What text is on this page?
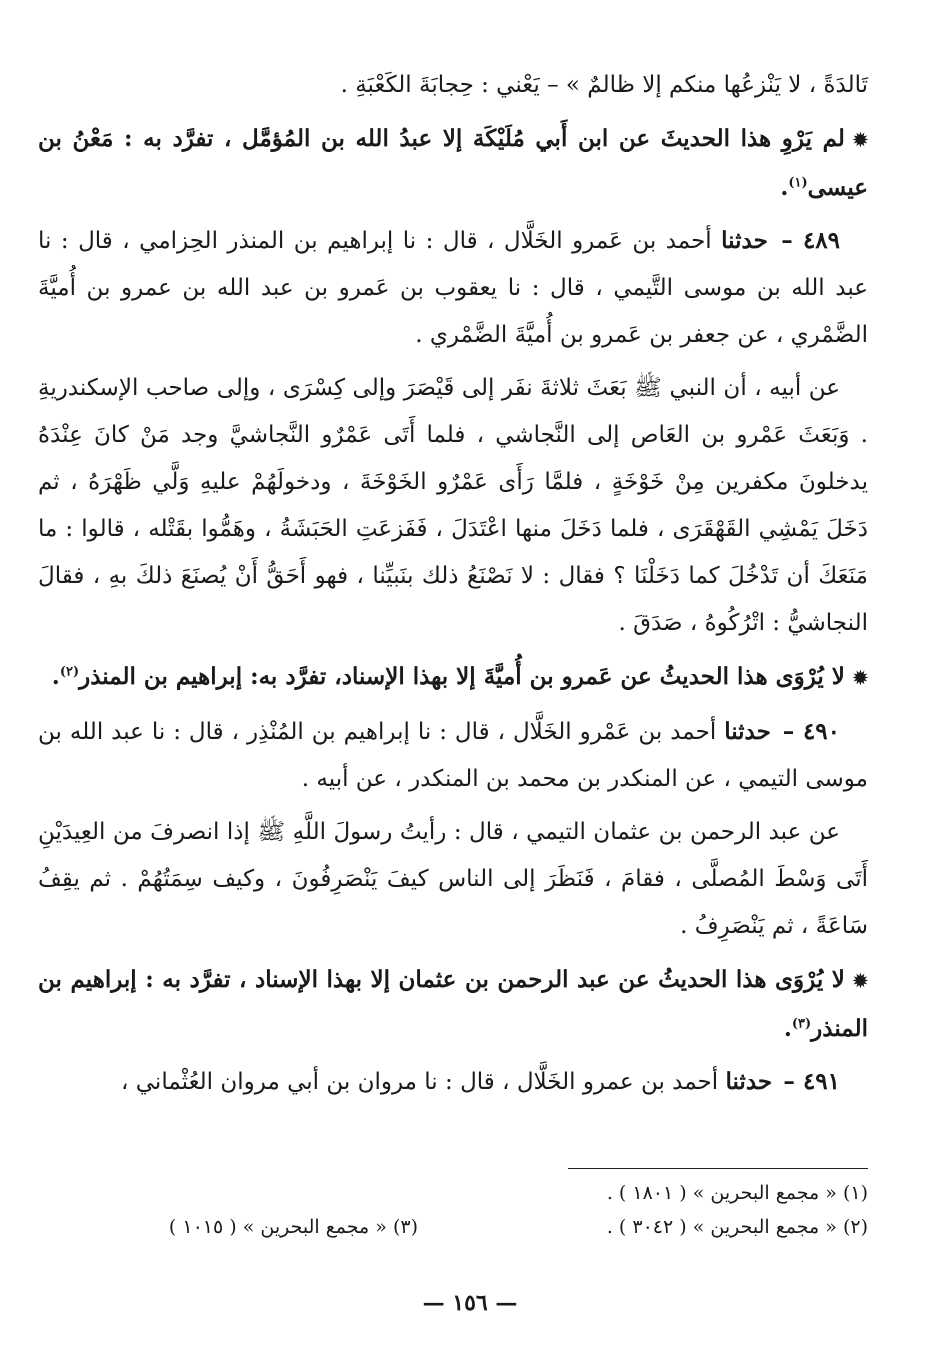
تَالدَةً ، لا يَنْزعُها منكم إلا ظالمٌ » – يَعْني : حِجابَةَ الكَعْبَةِ .

✹لم يَرْوِ هذا الحديثَ عن ابن أَبي مُلَيْكَة إلا عبدُ الله بن المُؤمَّل ، تفرَّد به : مَعْنُ بن عيسى$^{(١)}$.

٤٨٩ – حدثنا أحمد بن عَمرو الخَلَّال ، قال : نا إبراهيم بن المنذر الحِزامي ، قال : نا عبد الله بن موسى التَّيمي ، قال : نا يعقوب بن عَمرو بن عبد الله بن عمرو بن أُميَّةَ الضَّمْري ، عن جعفر بن عَمرو بن أُميَّةَ الضَّمْري .

عن أبيه ، أن النبي ﷺ بَعَثَ ثلاثةَ نفَر إلى قَيْصَرَ وإلى كِسْرَى ، وإلى صاحب الإسكندريةِ . وَبَعَثَ عَمْرو بن العَاص إلى النَّجاشي ، فلما أَتَى عَمْرٌو النَّجاشيَّ وجد مَنْ كانَ عِنْدَهُ يدخلونَ مكفرين مِنْ خَوْخَةٍ ، فلمَّا رَأَى عَمْرٌو الخَوْخَةَ ، ودخولَهُمْ عليهِ وَلَّي ظَهْرَهُ ، ثم دَخَلَ يَمْشِي القَهْقَرَى ، فلما دَخَلَ منها اعْتَدَلَ ، فَفَزعَتِ الحَبَشَةُ ، وهَمُّوا بقَتْله ، قالوا : ما مَنَعَكَ أن تَدْخُلَ كما دَخَلْنَا ؟ فقال : لا نَصْنَعُ ذلك بنَبيِّنا ، فهو أَحَقُّ أَنْ يُصنَعَ ذلكَ بهِ ، فقالَ النجاشيُّ : اتْرُكُوهُ ، صَدَقَ .

✹لا يُرْوَى هذا الحديثُ عن عَمرو بن أُميَّةَ إلا بهذا الإسناد، تفرَّد به: إبراهيم بن المنذر$^{(٢)}$.

٤٩٠ – حدثنا أحمد بن عَمْرو الخَلَّال ، قال : نا إبراهيم بن المُنْذِر ، قال : نا عبد الله بن موسى التيمي ، عن المنكدر بن محمد بن المنكدر ، عن أبيه .

عن عبد الرحمن بن عثمان التيمي ، قال : رأيتُ رسولَ اللَّهِ ﷺ إذا انصرفَ من العِيدَيْنِ أَتَى وَسْطَ المُصلَّى ، فقامَ ، فَنَظَرَ إلى الناس كيفَ يَنْصَرِفُونَ ، وكيف سِمَتُهُمْ . ثم يقِفُ سَاعَةً ، ثم يَنْصَرِفُ .

✹لا يُرْوَى هذا الحديثُ عن عبد الرحمن بن عثمان إلا بهذا الإسناد ، تفرَّد به : إبراهيم بن المنذر$^{(٣)}$.

٤٩١ – حدثنا أحمد بن عمرو الخَلَّال ، قال : نا مروان بن أبي مروان العُثْماني ،

(١) « مجمع البحرين » ( ١٨٠١ ) .
(٢) « مجمع البحرين » ( ٣٠٤٢ ) .
(٣) « مجمع البحرين » ( ١٠١٥ )
— ١٥٦ —
